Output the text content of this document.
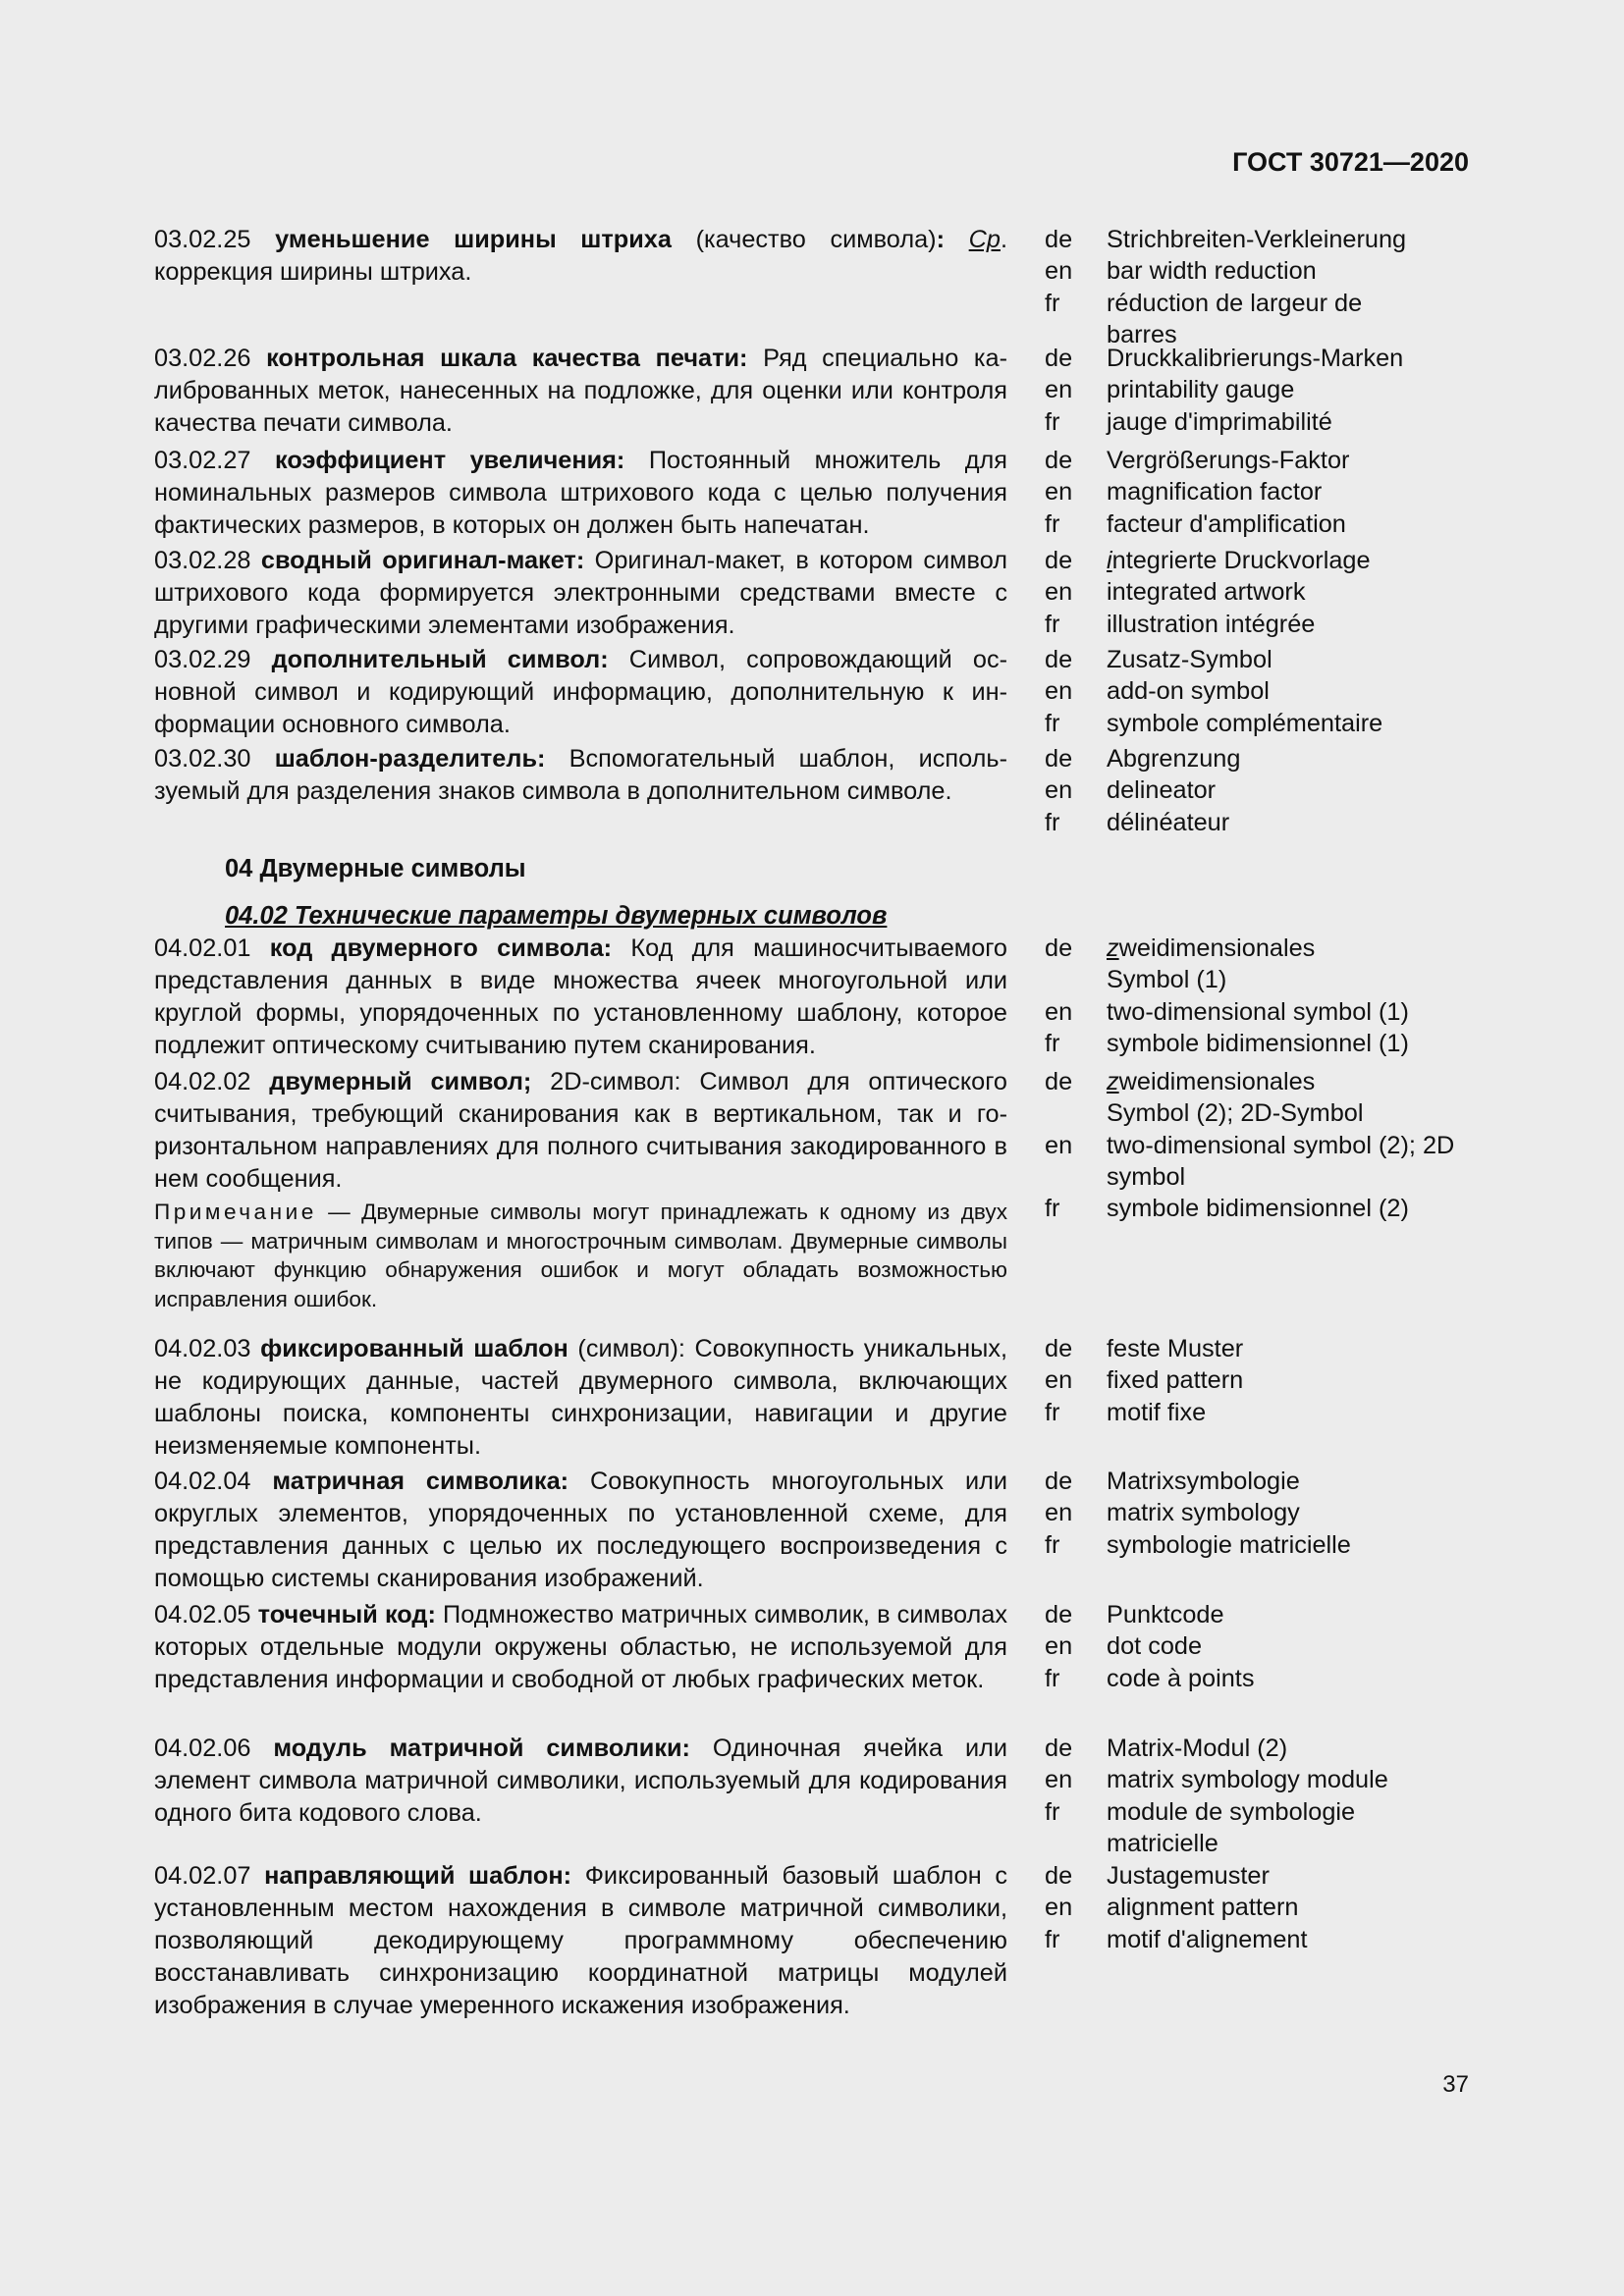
ГОСТ 30721—2020
03.02.25 уменьшение ширины штриха (качество символа): Ср.
коррекция ширины штриха.
de	Strichbreiten-Verkleinerung
en	bar width reduction
fr	réduction de largeur de barres
03.02.26 контрольная шкала качества печати: Ряд специально калиброванных меток, нанесенных на подложке, для оценки или контроля качества печати символа.
de	Druckkalibrierungs-Marken
en	printability gauge
fr	jauge d'imprimabilité
03.02.27 коэффициент увеличения: Постоянный множитель для номинальных размеров символа штрихового кода с целью получения фактических размеров, в которых он должен быть напечатан.
de	Vergrößerungs-Faktor
en	magnification factor
fr	facteur d'amplification
03.02.28 сводный оригинал-макет: Оригинал-макет, в котором символ штрихового кода формируется электронными средствами вместе с другими графическими элементами изображения.
de	integrierte Druckvorlage
en	integrated artwork
fr	illustration intégrée
03.02.29 дополнительный символ: Символ, сопровождающий основной символ и кодирующий информацию, дополнительную к информации основного символа.
de	Zusatz-Symbol
en	add-on symbol
fr	symbole complémentaire
03.02.30 шаблон-разделитель: Вспомогательный шаблон, используемый для разделения знаков символа в дополнительном символе.
de	Abgrenzung
en	delineator
fr	délinéateur
04 Двумерные символы
04.02 Технические параметры двумерных символов
04.02.01 код двумерного символа: Код для машиносчитываемого представления данных в виде множества ячеек многоугольной или круглой формы, упорядоченных по установленному шаблону, которое подлежит оптическому считыванию путем сканирования.
de	zweidimensionales Symbol (1)
en	two-dimensional symbol (1)
fr	symbole bidimensionnel (1)
04.02.02 двумерный символ; 2D-символ: Символ для оптического считывания, требующий сканирования как в вертикальном, так и горизонтальном направлениях для полного считывания закодированного в нем сообщения.
Примечание — Двумерные символы могут принадлежать к одному из двух типов — матричным символам и многострочным символам. Двумерные символы включают функцию обнаружения ошибок и могут обладать возможностью исправления ошибок.
de	zweidimensionales Symbol (2); 2D-Symbol
en	two-dimensional symbol (2); 2D symbol
fr	symbole bidimensionnel (2)
04.02.03 фиксированный шаблон (символ): Совокупность уникальных, не кодирующих данные, частей двумерного символа, включающих шаблоны поиска, компоненты синхронизации, навигации и другие неизменяемые компоненты.
de	feste Muster
en	fixed pattern
fr	motif fixe
04.02.04 матричная символика: Совокупность многоугольных или округлых элементов, упорядоченных по установленной схеме, для представления данных с целью их последующего воспроизведения с помощью системы сканирования изображений.
de	Matrixsymbologie
en	matrix symbology
fr	symbologie matricielle
04.02.05 точечный код: Подмножество матричных символик, в символах которых отдельные модули окружены областью, не используемой для представления информации и свободной от любых графических меток.
de	Punktcode
en	dot code
fr	code à points
04.02.06 модуль матричной символики: Одиночная ячейка или элемент символа матричной символики, используемый для кодирования одного бита кодового слова.
de	Matrix-Modul (2)
en	matrix symbology module
fr	module de symbologie matricielle
04.02.07 направляющий шаблон: Фиксированный базовый шаблон с установленным местом нахождения в символе матричной символики, позволяющий декодирующему программному обеспечению восстанавливать синхронизацию координатной матрицы модулей изображения в случае умеренного искажения изображения.
de	Justagemuster
en	alignment pattern
fr	motif d'alignement
37
